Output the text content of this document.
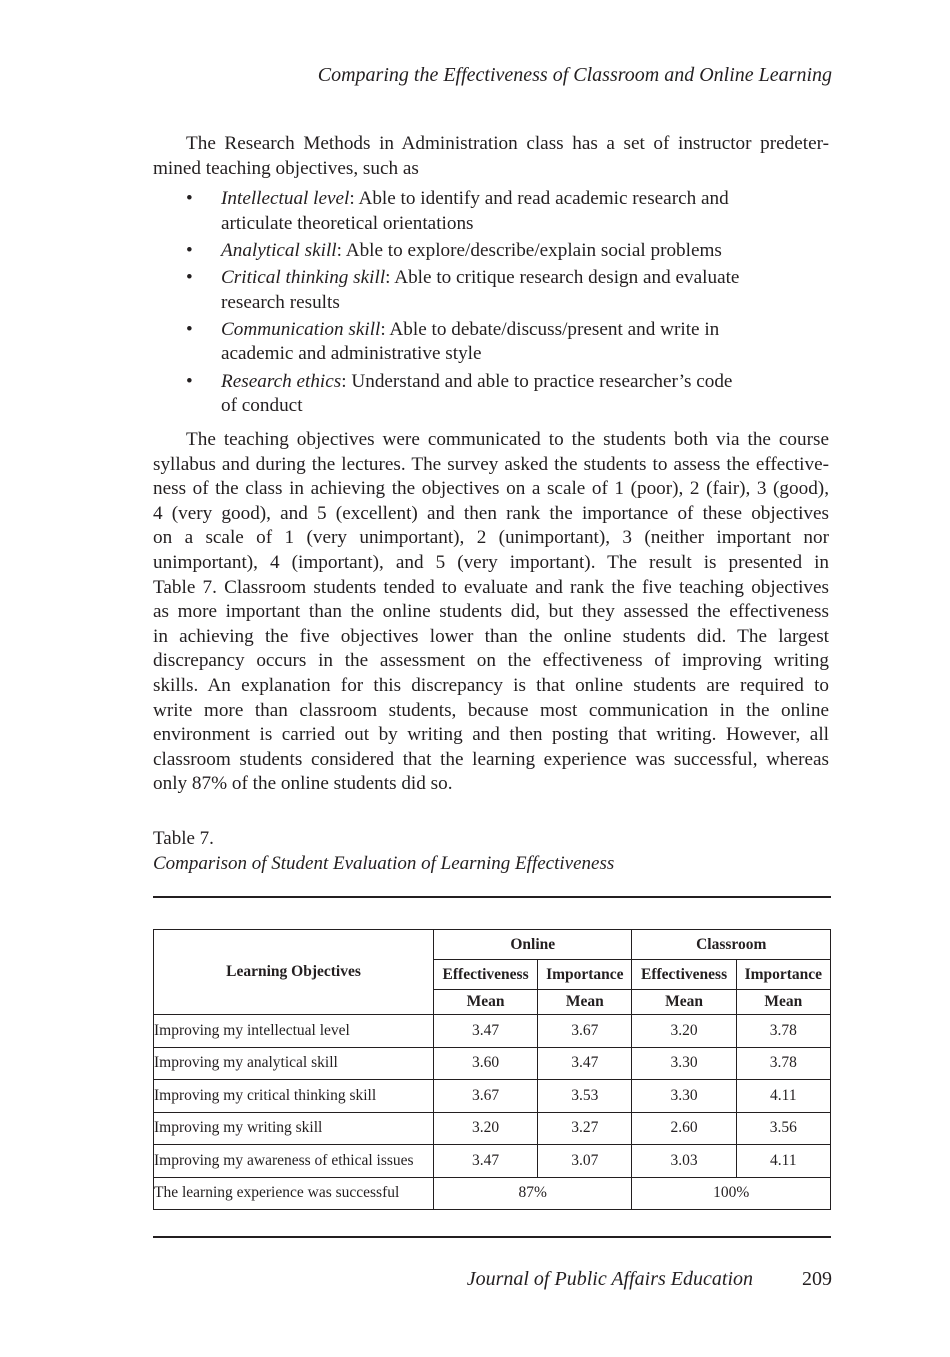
Comparing the Effectiveness of Classroom and Online Learning
The Research Methods in Administration class has a set of instructor predeter-
mined teaching objectives, such as
• Intellectual level: Able to identify and read academic research and
articulate theoretical orientations
• Analytical skill: Able to explore/describe/explain social problems
• Critical thinking skill: Able to critique research design and evaluate
research results
• Communication skill: Able to debate/discuss/present and write in
academic and administrative style
• Research ethics: Understand and able to practice researcher’s code
of conduct
The teaching objectives were communicated to the students both via the course
syllabus and during the lectures. The survey asked the students to assess the effective-
ness of the class in achieving the objectives on a scale of 1 (poor), 2 (fair), 3 (good),
4 (very good), and 5 (excellent) and then rank the importance of these objectives
on a scale of 1 (very unimportant), 2 (unimportant), 3 (neither important nor
unimportant), 4 (important), and 5 (very important). The result is presented in
Table 7. Classroom students tended to evaluate and rank the five teaching objectives
as more important than the online students did, but they assessed the effectiveness
in achieving the five objectives lower than the online students did. The largest
discrepancy occurs in the assessment on the effectiveness of improving writing
skills. An explanation for this discrepancy is that online students are required to
write more than classroom students, because most communication in the online
environment is carried out by writing and then posting that writing. However, all
classroom students considered that the learning experience was successful, whereas
only 87% of the online students did so.
Table 7.
Comparison of Student Evaluation of Learning Effectiveness
Learning Objectives	Online		Classroom	
	Effectiveness	Importance	Effectiveness	Importance
	Mean	Mean	Mean	Mean
Improving my intellectual level	3.47	3.67	3.20	3.78
Improving my analytical skill	3.60	3.47	3.30	3.78
Improving my critical thinking skill	3.67	3.53	3.30	4.11
Improving my writing skill	3.20	3.27	2.60	3.56
Improving my awareness of ethical issues	3.47	3.07	3.03	4.11
The learning experience was successful	87%		100%	
Journal of Public Affairs Education 209
